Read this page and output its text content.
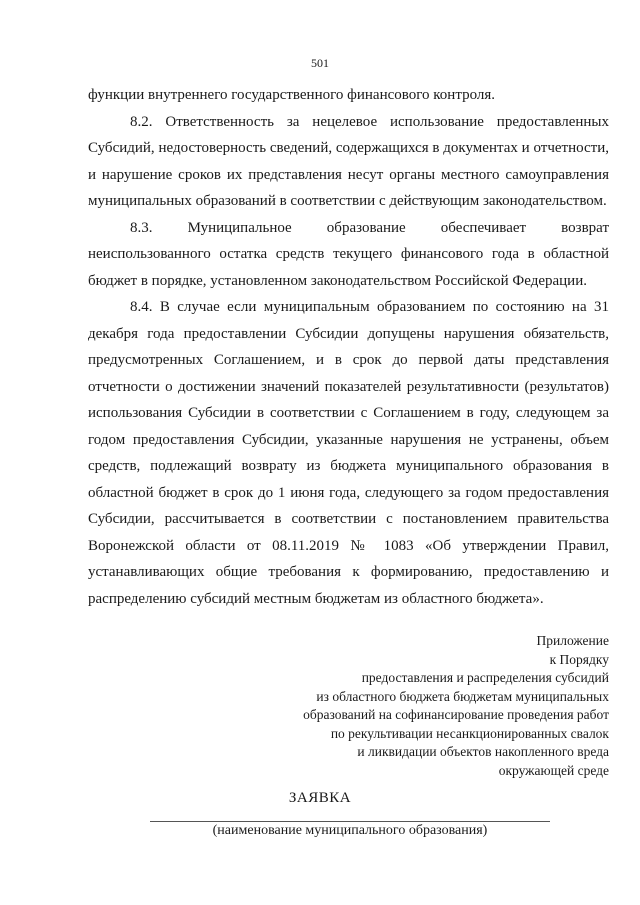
501

функции внутреннего государственного финансового контроля.

8.2. Ответственность за нецелевое использование предоставленных Субсидий, недостоверность сведений, содержащихся в документах и отчетности, и нарушение сроков их представления несут органы местного самоуправления муниципальных образований в соответствии с действующим законодательством.

8.3. Муниципальное образование обеспечивает возврат неиспользованного остатка средств текущего финансового года в областной бюджет в порядке, установленном законодательством Российской Федерации.

8.4. В случае если муниципальным образованием по состоянию на 31 декабря года предоставлении Субсидии допущены нарушения обязательств, предусмотренных Соглашением, и в срок до первой даты представления отчетности о достижении значений показателей результативности (результатов) использования Субсидии в соответствии с Соглашением в году, следующем за годом предоставления Субсидии, указанные нарушения не устранены, объем средств, подлежащий возврату из бюджета муниципального образования в областной бюджет в срок до 1 июня года, следующего за годом предоставления Субсидии, рассчитывается в соответствии с постановлением правительства Воронежской области от 08.11.2019 № 1083 «Об утверждении Правил, устанавливающих общие требования к формированию, предоставлению и распределению субсидий местным бюджетам из областного бюджета».

Приложение
к Порядку
предоставления и распределения субсидий
из областного бюджета бюджетам муниципальных
образований на софинансирование проведения работ
по рекультивации несанкционированных свалок
и ликвидации объектов накопленного вреда
окружающей среде
ЗАЯВКА
(наименование муниципального образования)
